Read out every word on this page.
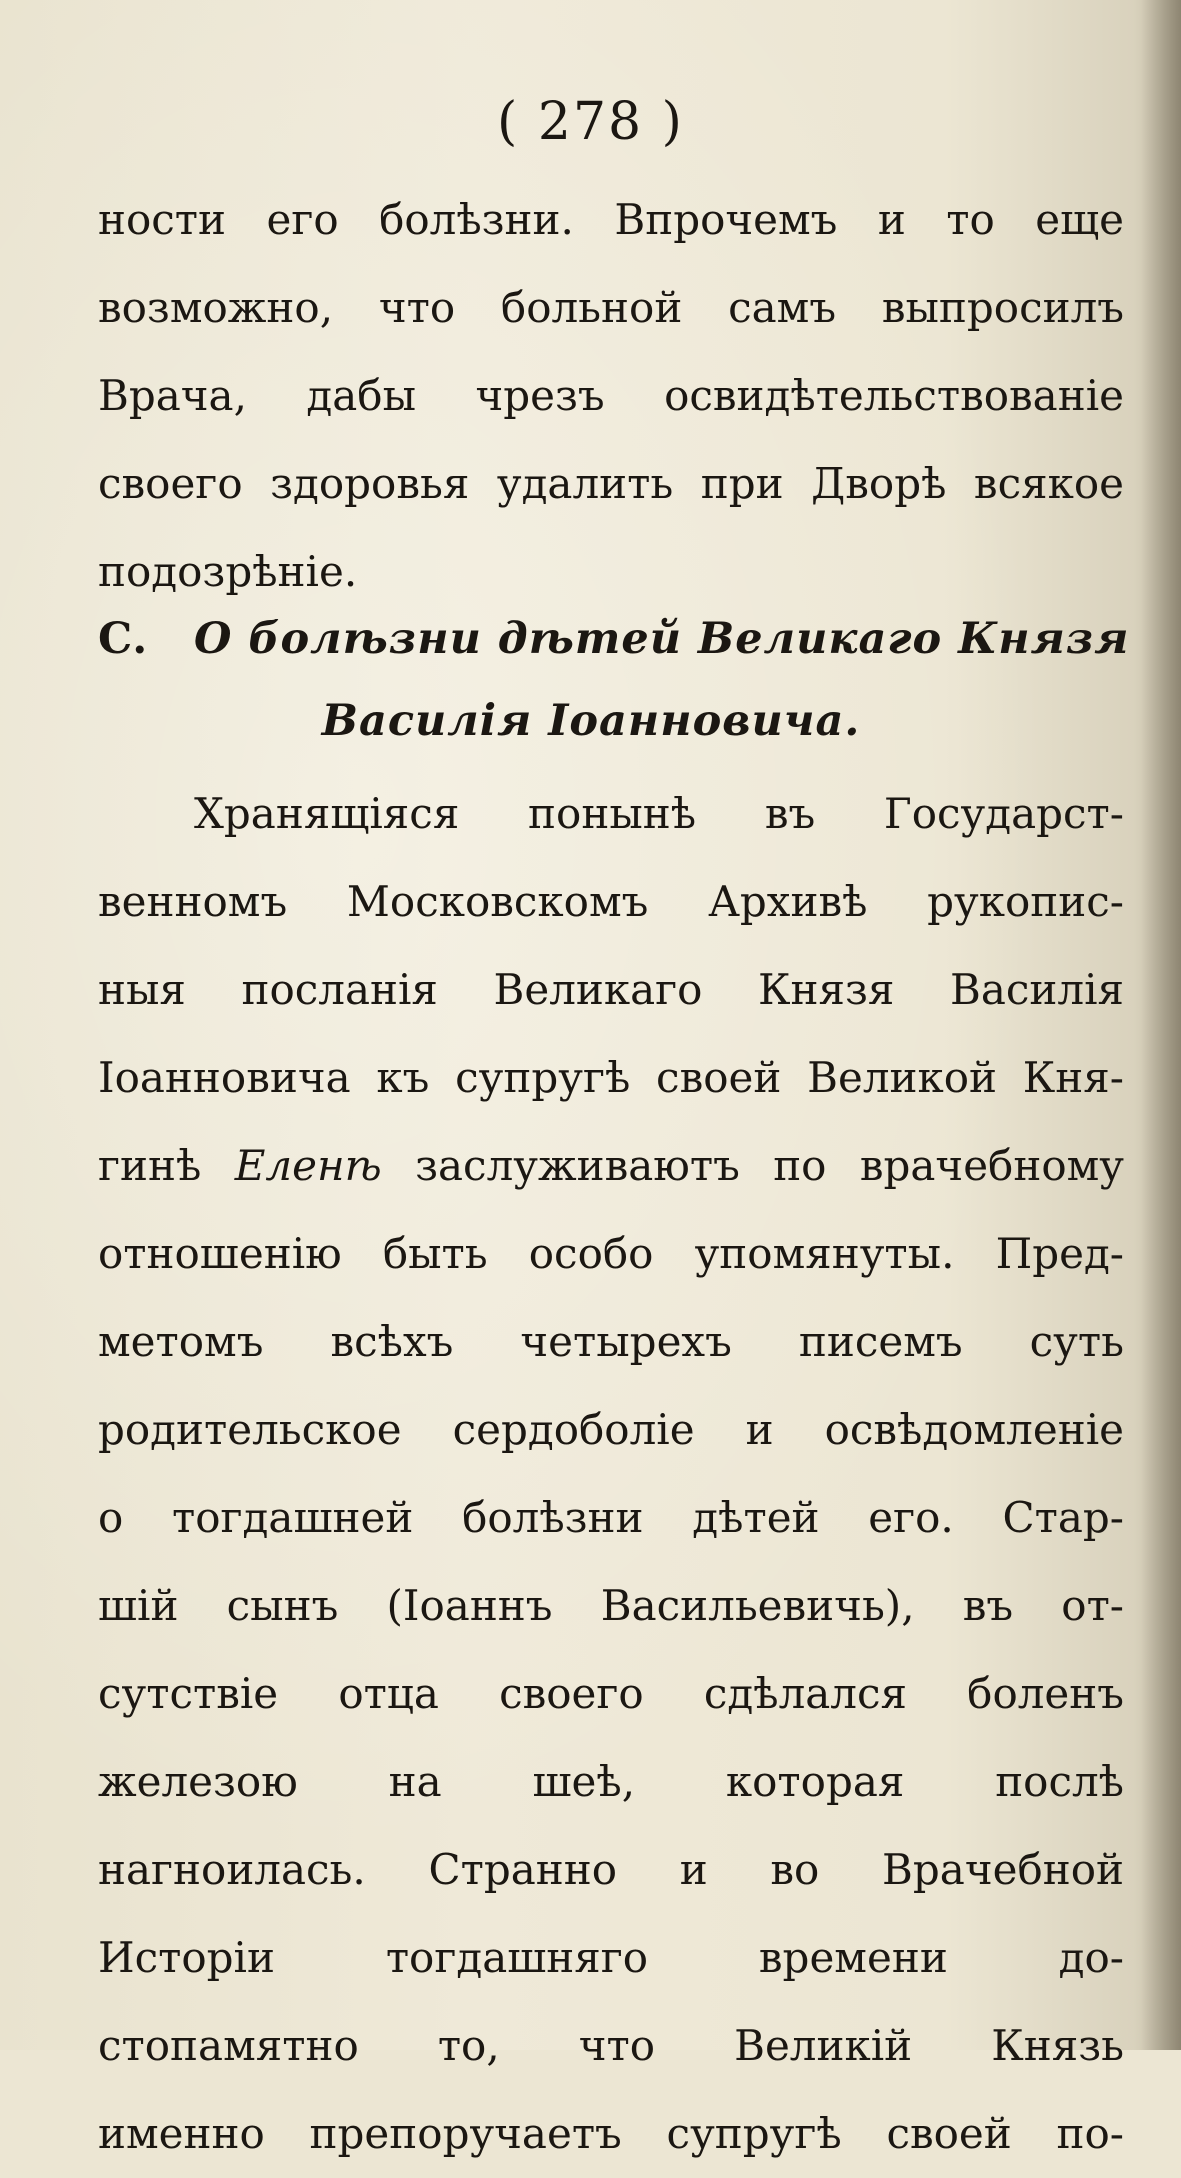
( 278 )
ности его болѣзни. Впрочемъ и то еще
возможно, что больной самъ выпросилъ
Врача, дабы чрезъ освидѣтельствованіе
своего здоровья удалить при Дворѣ всякое
подозрѣніе.
С. О болѣзни дѣтей Великаго Князя
Василія Іоанновича.
Хранящіяся понынѣ въ Государст-
венномъ Московскомъ Архивѣ рукопис-
ныя посланія Великаго Князя Василія
Іоанновича къ супругѣ своей Великой Кня-
гинѣ Еленѣ заслуживаютъ по врачебному
отношенію быть особо упомянуты. Пред-
метомъ всѣхъ четырехъ писемъ суть
родительское сердоболіе и освѣдомленіе
о тогдашней болѣзни дѣтей его. Стар-
шій сынъ (Іоаннъ Васильевичь), въ от-
сутствіе отца своего сдѣлался боленъ
железою на шеѣ, которая послѣ
нагноилась. Странно и во Врачебной
Исторіи тогдашняго времени до-
стопамятно то, что Великій Князь
именно препоручаетъ супругѣ своей по-
